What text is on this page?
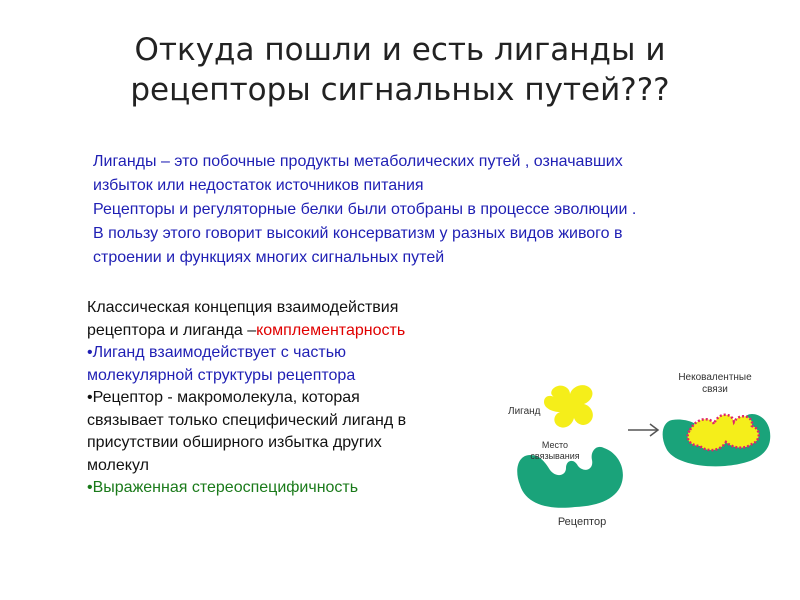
Откуда пошли и есть лиганды и
рецепторы сигнальных путей???
Лиганды – это побочные продукты метаболических путей , означавших
избыток или недостаток источников питания
Рецепторы и регуляторные белки были отобраны в процессе эволюции .
В пользу этого говорит высокий консерватизм у разных видов живого в
строении и функциях многих сигнальных путей
Классическая концепция взаимодействия
рецептора и лиганда –комплементарность
•Лиганд взаимодействует с частью
молекулярной структуры рецептора
•Рецептор - макромолекула, которая
связывает только специфический лиганд в
присутствии обширного избытка других
молекул
•Выраженная стереоспецифичность
Лиганд
Место
связывания
Рецептор
Нековалентные
связи
